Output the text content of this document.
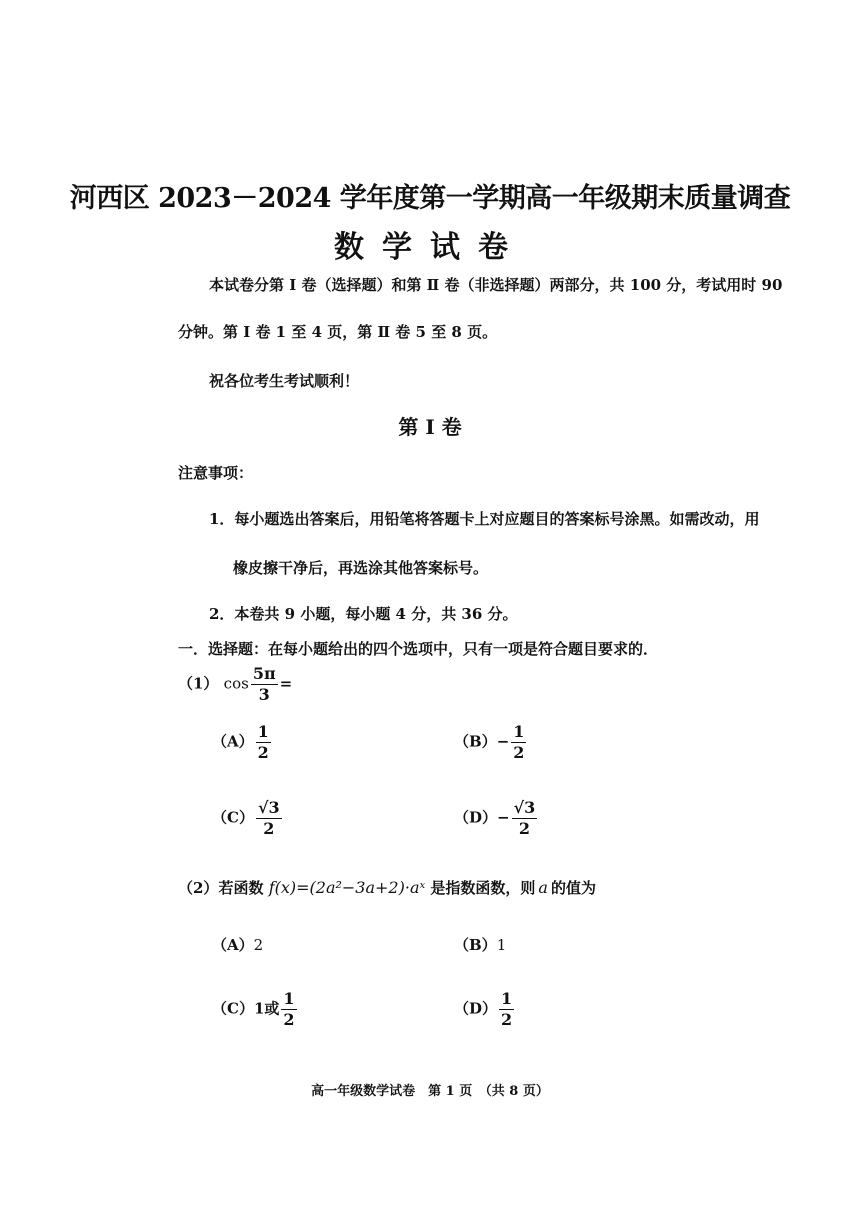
河西区 2023－2024 学年度第一学期高一年级期末质量调查
数学试卷
本试卷分第 Ⅰ 卷（选择题）和第 Ⅱ 卷（非选择题）两部分，共 100 分，考试用时 90
分钟。第 Ⅰ 卷 1 至 4 页，第 Ⅱ 卷 5 至 8 页。
祝各位考生考试顺利！
第 Ⅰ 卷
注意事项：
1．每小题选出答案后，用铅笔将答题卡上对应题目的答案标号涂黑。如需改动，用
橡皮擦干净后，再选涂其他答案标号。
2．本卷共 9 小题，每小题 4 分，共 36 分。
一．选择题：在每小题给出的四个选项中，只有一项是符合题目要求的．
（1） $\cos \frac{5\pi}{3}$ =
$(A) \frac{1}{2}$	$(B)- \frac{1}{2}$
$(C) \frac{√3}{2}$	$(D)- \frac{√3}{2}$
（2）若函数 f(x)=(2a²−3a+2)·aˣ 是指数函数，则 a 的值为
（A）2	（B）1
（C）1或 $\frac{1}{2}$	$(D) \frac{1}{2}$
高一年级数学试卷　第 1 页　（共 8 页）
